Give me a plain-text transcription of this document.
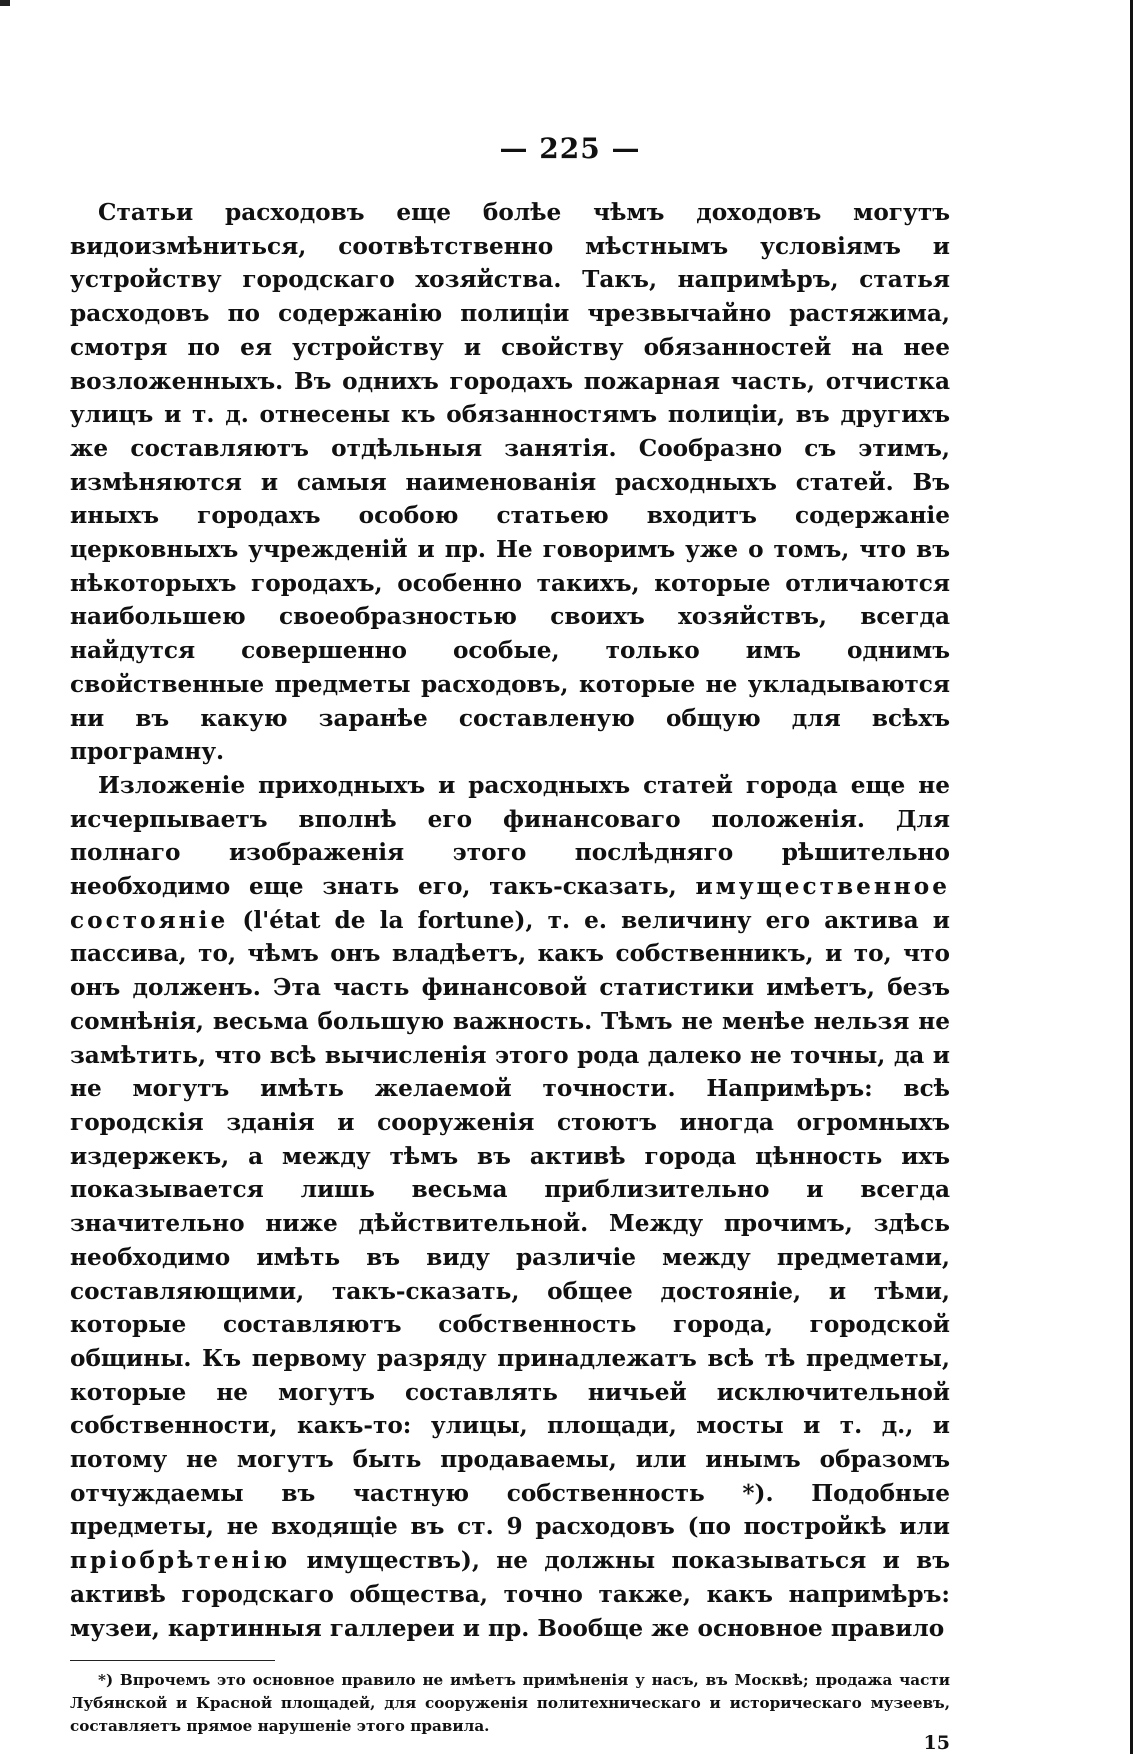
— 225 —

Статьи расходовъ еще болѣе чѣмъ доходовъ могутъ видоизмѣниться, соотвѣтственно мѣстнымъ условіямъ и устройству городскаго хозяйства. Такъ, напримѣръ, статья расходовъ по содержанію полиціи чрезвычайно растяжима, смотря по ея устройству и свойству обязанностей на нее возложенныхъ. Въ однихъ городахъ пожарная часть, отчистка улицъ и т. д. отнесены къ обязанностямъ полиціи, въ другихъ же составляютъ отдѣльныя занятія. Сообразно съ этимъ, измѣняются и самыя наименованія расходныхъ статей. Въ иныхъ городахъ особою статьею входитъ содержаніе церковныхъ учрежденій и пр. Не говоримъ уже о томъ, что въ нѣкоторыхъ городахъ, особенно такихъ, которые отличаются наибольшею своеобразностью своихъ хозяйствъ, всегда найдутся совершенно особые, только имъ однимъ свойственные предметы расходовъ, которые не укладываются ни въ какую заранѣе составленую общую для всѣхъ програмну.

Изложеніе приходныхъ и расходныхъ статей города еще не исчерпываетъ вполнѣ его финансоваго положенія. Для полнаго изображенія этого послѣдняго рѣшительно необходимо еще знать его, такъ-сказать, имущественное состояніе (l'état de la fortune), т. е. величину его актива и пассива, то, чѣмъ онъ владѣетъ, какъ собственникъ, и то, что онъ долженъ. Эта часть финансовой статистики имѣетъ, безъ сомнѣнія, весьма большую важность. Тѣмъ не менѣе нельзя не замѣтить, что всѣ вычисленія этого рода далеко не точны, да и не могутъ имѣть желаемой точности. Напримѣръ: всѣ городскія зданія и сооруженія стоютъ иногда огромныхъ издержекъ, а между тѣмъ въ активѣ города цѣнность ихъ показывается лишь весьма приблизительно и всегда значительно ниже дѣйствительной. Между прочимъ, здѣсь необходимо имѣть въ виду различіе между предметами, составляющими, такъ-сказать, общее достояніе, и тѣми, которые составляютъ собственность города, городской общины. Къ первому разряду принадлежатъ всѣ тѣ предметы, которые не могутъ составлять ничьей исключительной собственности, какъ-то: улицы, площади, мосты и т. д., и потому не могутъ быть продаваемы, или инымъ образомъ отчуждаемы въ частную собственность *). Подобные предметы, не входящіе въ ст. 9 расходовъ (по постройкѣ или пріобрѣтенію имуществъ), не должны показываться и въ активѣ городскаго общества, точно также, какъ напримѣръ: музеи, картинныя галлереи и пр. Вообще же основное правило

*) Впрочемъ это основное правило не имѣетъ примѣненія у насъ, въ Москвѣ; продажа части Лубянской и Красной площадей, для сооруженія политехническаго и историческаго музеевъ, составляетъ прямое нарушеніе этого правила.
15
